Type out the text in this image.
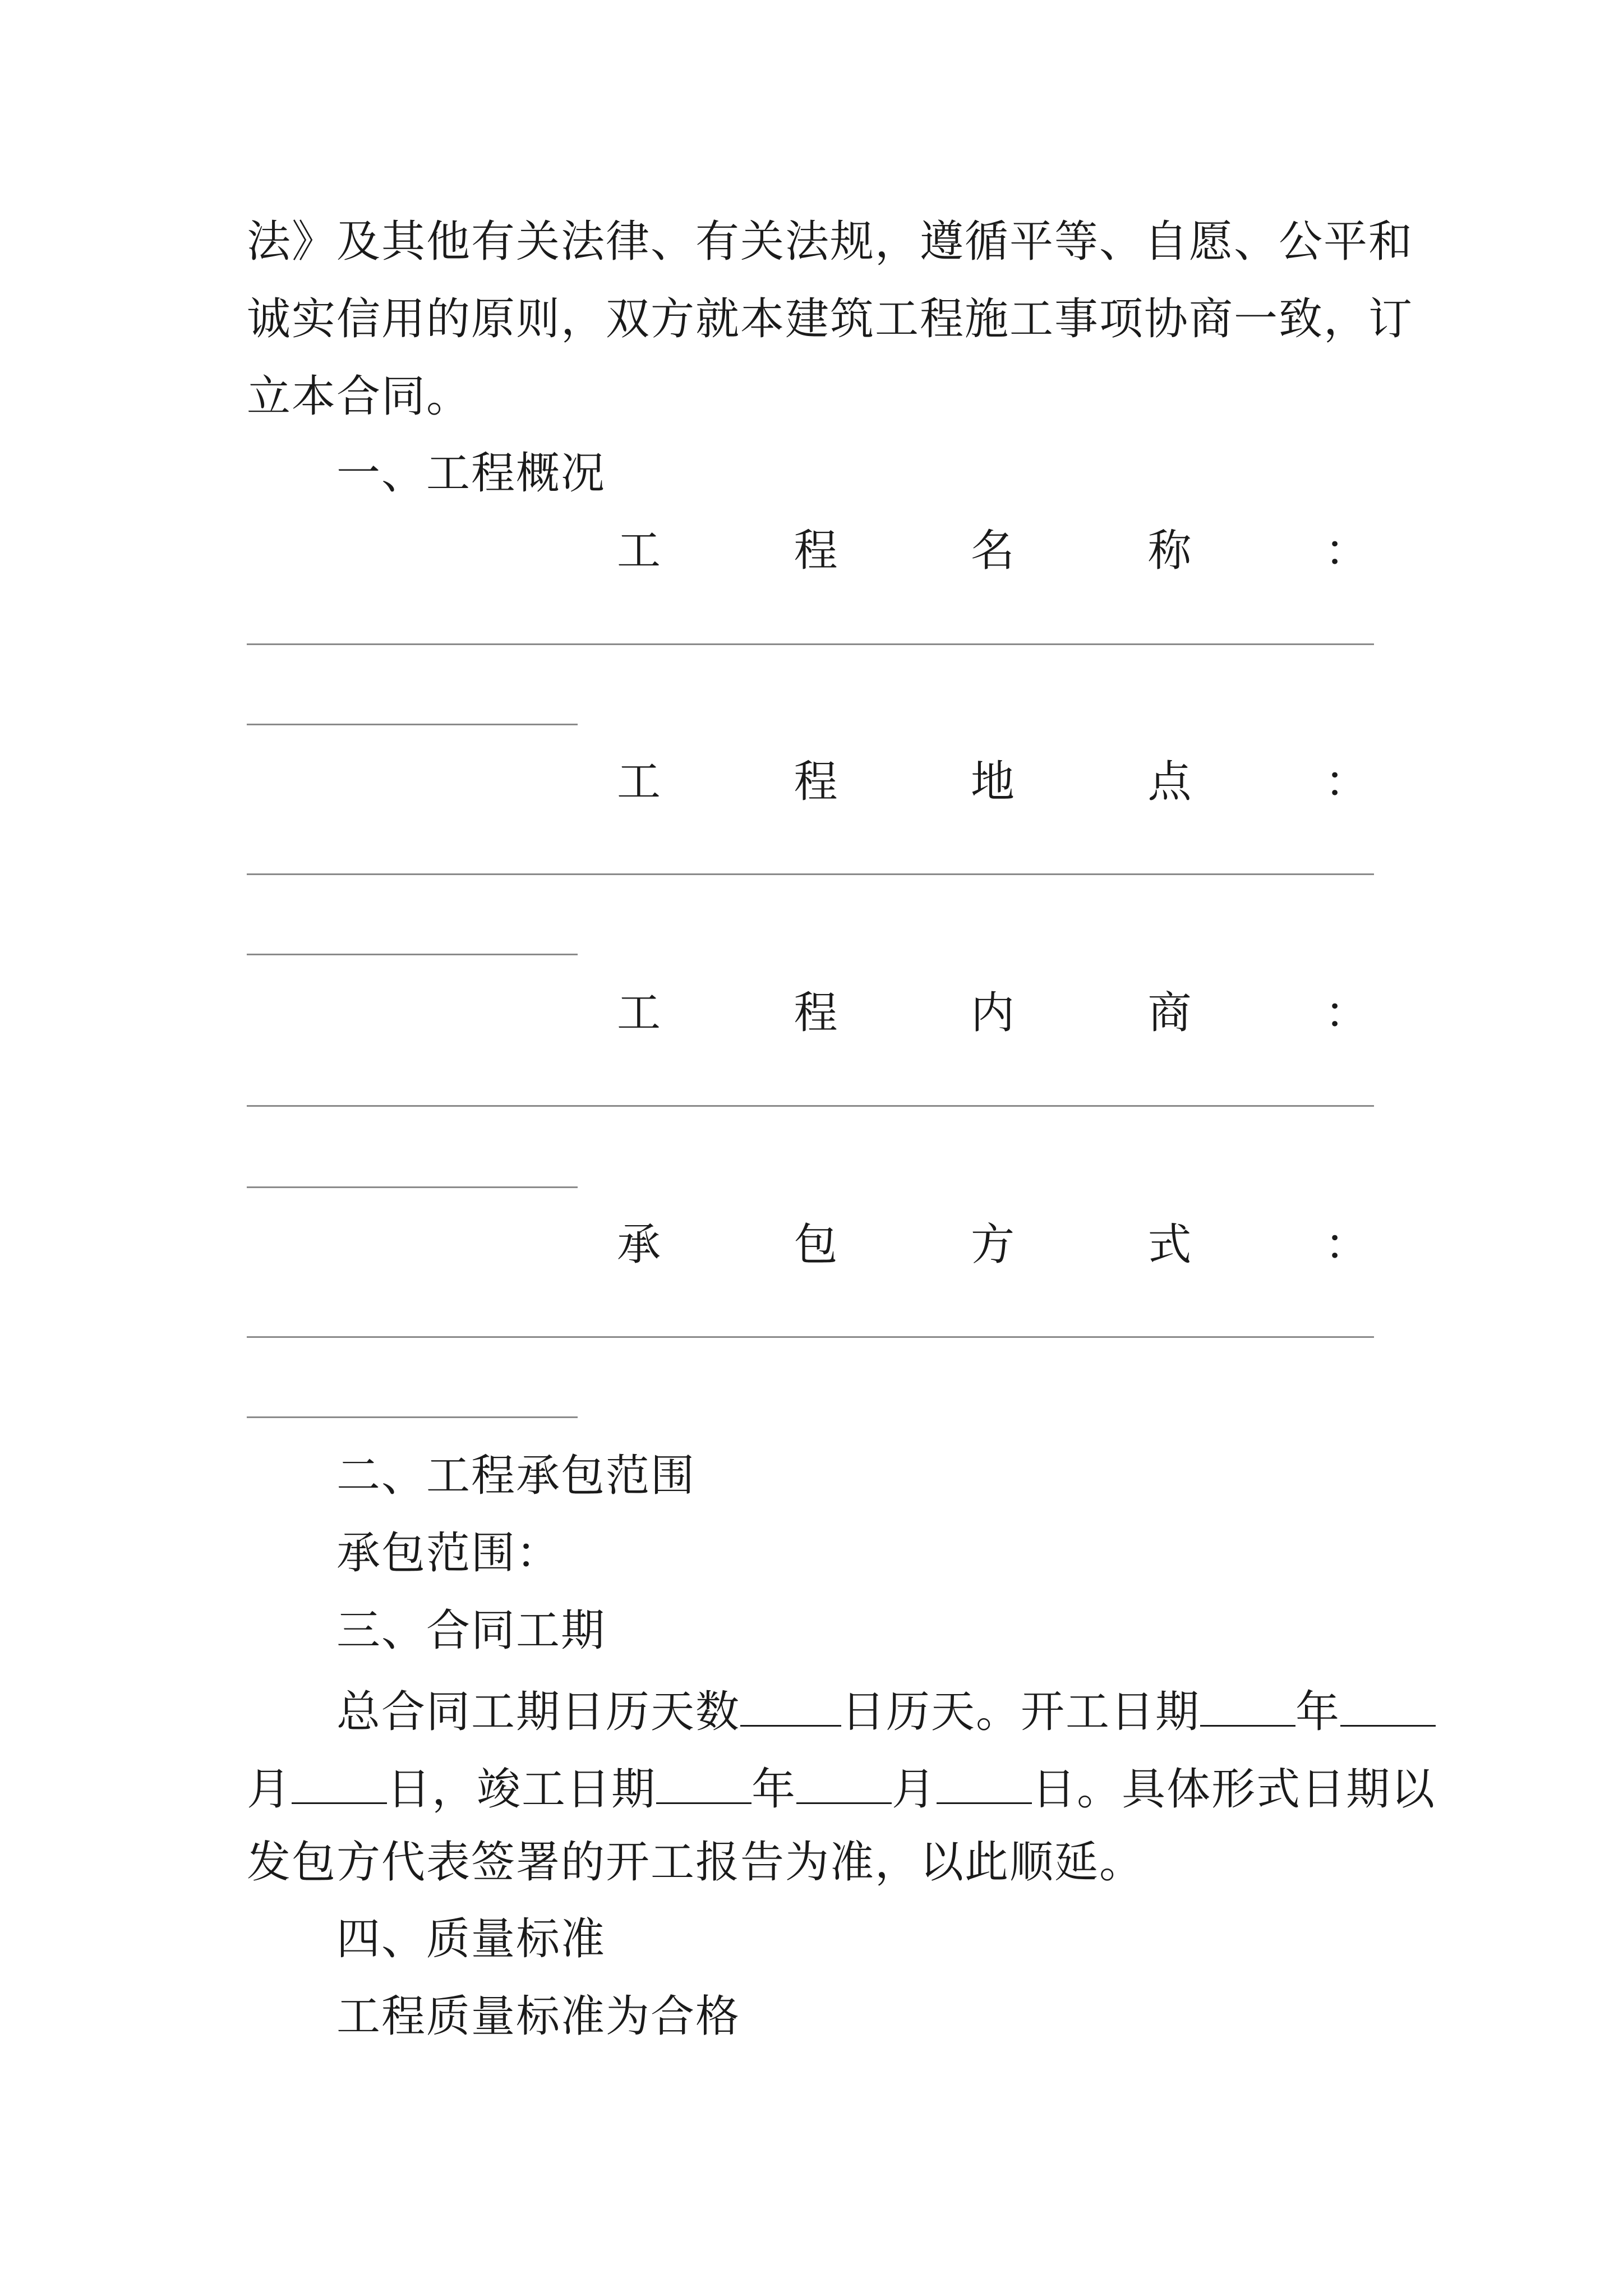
法》及其他有关法律、有关法规，遵循平等、自愿、公平和
诚实信用的原则，双方就本建筑工程施工事项协商一致，订
立本合同。
一、工程概况
工	程	名	称	：
工	程	地	点	：
工	程	内	商	：
承	包	方	式	：
二、工程承包范围
承包范围：
三、合同工期
总合同工期日历天数 日历天。开工日期 年
月 日，竣工日期 年 月 日。具体形式日期以
发包方代表签署的开工报告为准，以此顺延。
四、质量标准
工程质量标准为合格
